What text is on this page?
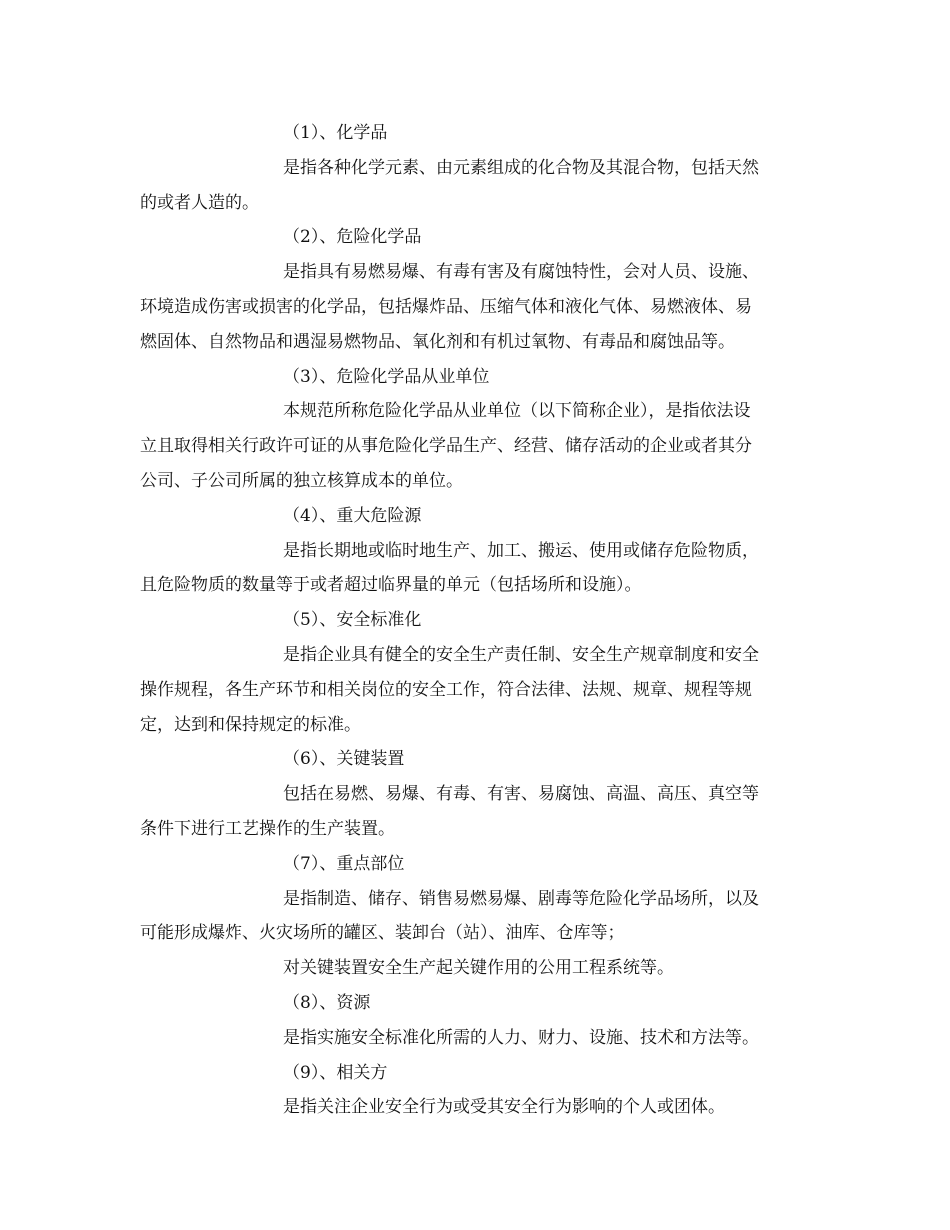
（1）、化学品
是指各种化学元素、由元素组成的化合物及其混合物，包括天然
的或者人造的。
（2）、危险化学品
是指具有易燃易爆、有毒有害及有腐蚀特性，会对人员、设施、
环境造成伤害或损害的化学品，包括爆炸品、压缩气体和液化气体、易燃液体、易
燃固体、自然物品和遇湿易燃物品、氧化剂和有机过氧物、有毒品和腐蚀品等。
（3）、危险化学品从业单位
本规范所称危险化学品从业单位（以下简称企业），是指依法设
立且取得相关行政许可证的从事危险化学品生产、经营、储存活动的企业或者其分
公司、子公司所属的独立核算成本的单位。
（4）、重大危险源
是指长期地或临时地生产、加工、搬运、使用或储存危险物质，
且危险物质的数量等于或者超过临界量的单元（包括场所和设施）。
（5）、安全标准化
是指企业具有健全的安全生产责任制、安全生产规章制度和安全
操作规程，各生产环节和相关岗位的安全工作，符合法律、法规、规章、规程等规
定，达到和保持规定的标准。
（6）、关键装置
包括在易燃、易爆、有毒、有害、易腐蚀、高温、高压、真空等
条件下进行工艺操作的生产装置。
（7）、重点部位
是指制造、储存、销售易燃易爆、剧毒等危险化学品场所，以及
可能形成爆炸、火灾场所的罐区、装卸台（站）、油库、仓库等；
对关键装置安全生产起关键作用的公用工程系统等。
（8）、资源
是指实施安全标准化所需的人力、财力、设施、技术和方法等。
（9）、相关方
是指关注企业安全行为或受其安全行为影响的个人或团体。
